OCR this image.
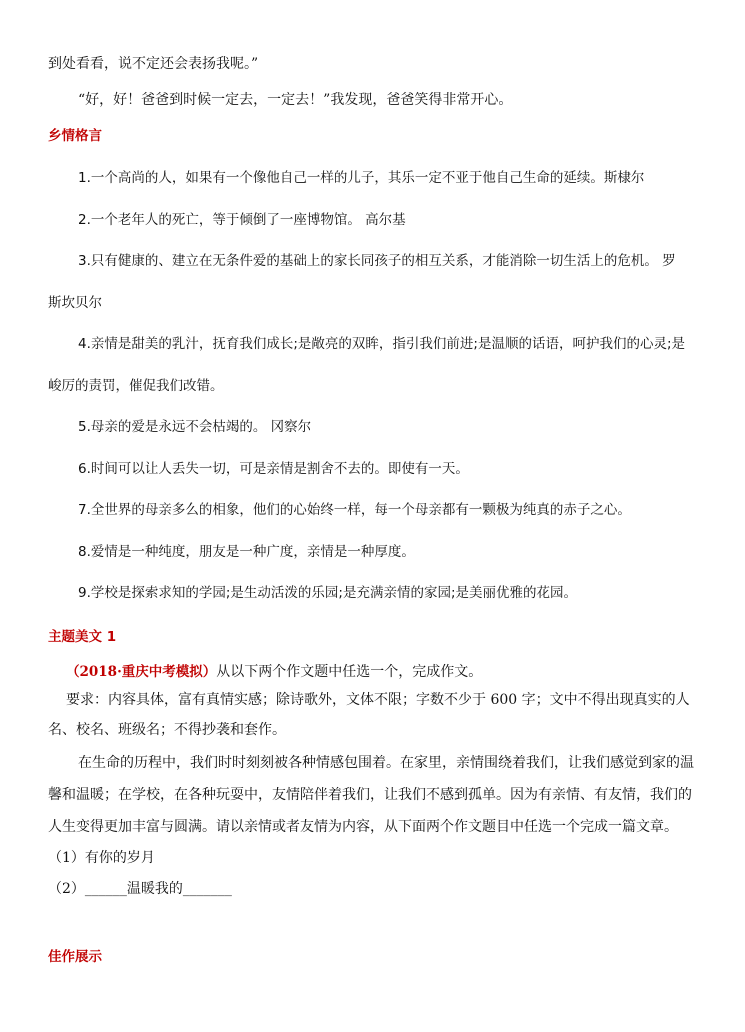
到处看看，说不定还会表扬我呢。”
“好，好！爸爸到时候一定去，一定去！”我发现，爸爸笑得非常开心。
乡情格言
1.一个高尚的人，如果有一个像他自己一样的儿子，其乐一定不亚于他自己生命的延续。斯棣尔
2.一个老年人的死亡，等于倾倒了一座博物馆。 高尔基
3.只有健康的、建立在无条件爱的基础上的家长同孩子的相互关系，才能消除一切生活上的危机。 罗
斯坎贝尔
4.亲情是甜美的乳汁，抚育我们成长;是敞亮的双眸，指引我们前进;是温顺的话语，呵护我们的心灵;是
峻厉的责罚，催促我们改错。
5.母亲的爱是永远不会枯竭的。 冈察尔
6.时间可以让人丢失一切，可是亲情是割舍不去的。即使有一天。
7.全世界的母亲多么的相象，他们的心始终一样，每一个母亲都有一颗极为纯真的赤子之心。
8.爱情是一种纯度，朋友是一种广度，亲情是一种厚度。
9.学校是探索求知的学园;是生动活泼的乐园;是充满亲情的家园;是美丽优雅的花园。
主题美文 1
（2018·重庆中考模拟）从以下两个作文题中任选一个，完成作文。
要求：内容具体，富有真情实感；除诗歌外，文体不限；字数不少于 600 字；文中不得出现真实的人
名、校名、班级名；不得抄袭和套作。
在生命的历程中，我们时时刻刻被各种情感包围着。在家里，亲情围绕着我们，让我们感觉到家的温
馨和温暖；在学校，在各种玩耍中，友情陪伴着我们，让我们不感到孤单。因为有亲情、有友情，我们的
人生变得更加丰富与圆满。请以亲情或者友情为内容，从下面两个作文题目中任选一个完成一篇文章。
（1）有你的岁月
（2）______温暖我的_______
佳作展示
